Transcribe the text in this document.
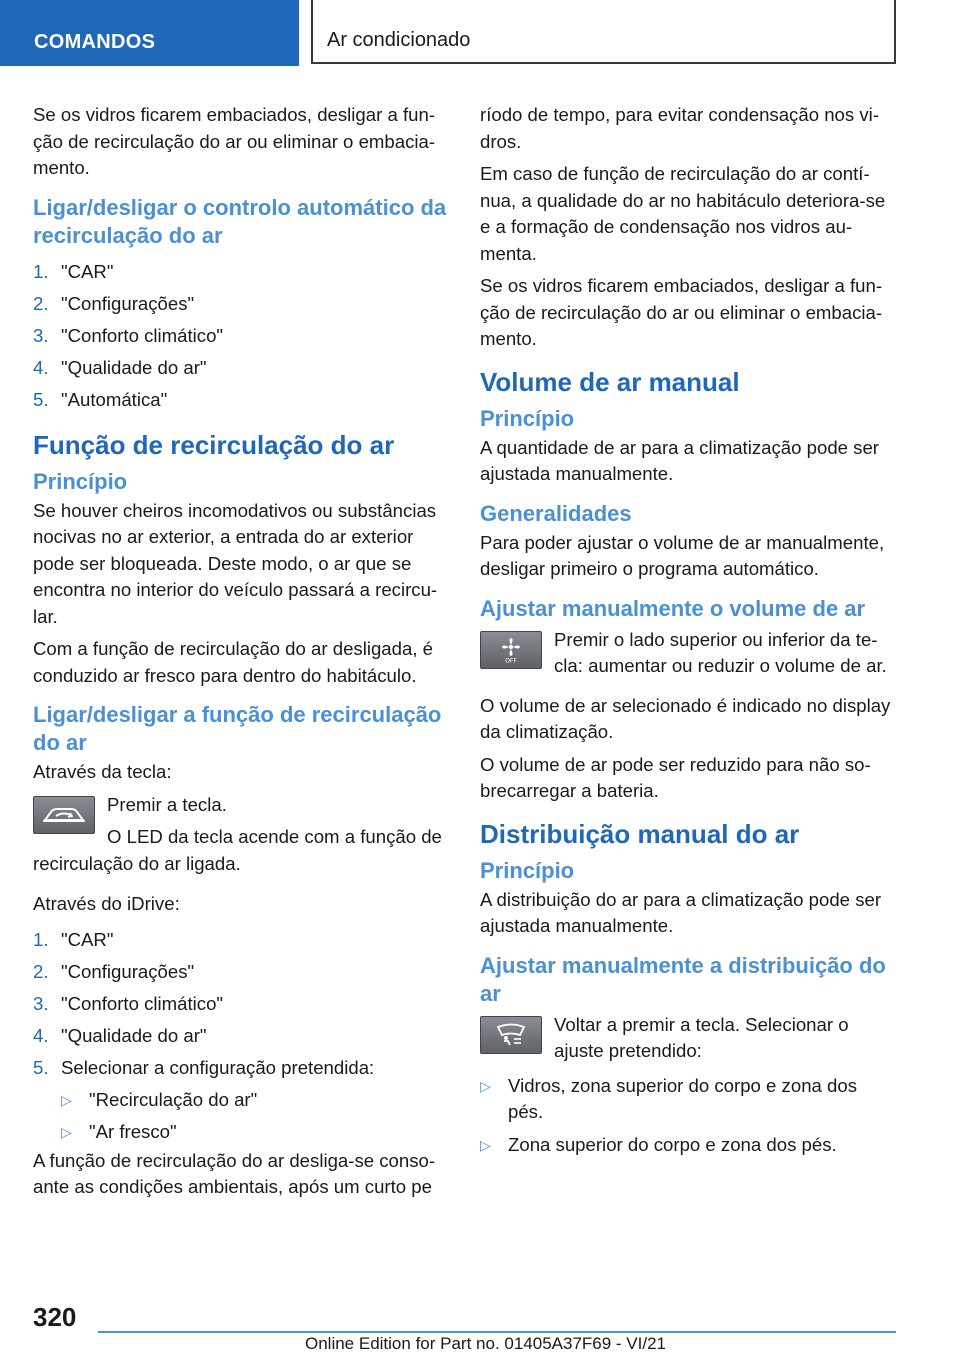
COMANDOS	Ar condicionado

Se os vidros ficarem embaciados, desligar a função de recirculação do ar ou eliminar o embaciamento.

Ligar/desligar o controlo automático da recirculação do ar
1. "CAR"
2. "Configurações"
3. "Conforto climático"
4. "Qualidade do ar"
5. "Automática"
Função de recirculação do ar
Princípio

Se houver cheiros incomodativos ou substâncias nocivas no ar exterior, a entrada do ar exterior pode ser bloqueada. Deste modo, o ar que se encontra no interior do veículo passará a recircular.

Com a função de recirculação do ar desligada, é conduzido ar fresco para dentro do habitáculo.

Ligar/desligar a função de recirculação do ar

Através da tecla:

Premir a tecla.

O LED da tecla acende com a função de recirculação do ar ligada.

Através do iDrive:

1. "CAR"
2. "Configurações"
3. "Conforto climático"
4. "Qualidade do ar"
5. Selecionar a configuração pretendida:
▷ "Recirculação do ar"
▷ "Ar fresco"

A função de recirculação do ar desliga-se consoante as condições ambientais, após um curto pe

ríodo de tempo, para evitar condensação nos vidros.

Em caso de função de recirculação do ar contínua, a qualidade do ar no habitáculo deteriora-se e a formação de condensação nos vidros aumenta.

Se os vidros ficarem embaciados, desligar a função de recirculação do ar ou eliminar o embaciamento.

Volume de ar manual
Princípio

A quantidade de ar para a climatização pode ser ajustada manualmente.

Generalidades

Para poder ajustar o volume de ar manualmente, desligar primeiro o programa automático.

Ajustar manualmente o volume de ar
OFF

Premir o lado superior ou inferior da tecla: aumentar ou reduzir o volume de ar.

O volume de ar selecionado é indicado no display da climatização.

O volume de ar pode ser reduzido para não sobrecarregar a bateria.

Distribuição manual do ar
Princípio

A distribuição do ar para a climatização pode ser ajustada manualmente.

Ajustar manualmente a distribuição do ar

Voltar a premir a tecla. Selecionar o ajuste pretendido:

▷ Vidros, zona superior do corpo e zona dos pés.
▷ Zona superior do corpo e zona dos pés.
320
Online Edition for Part no. 01405A37F69 - VI/21
